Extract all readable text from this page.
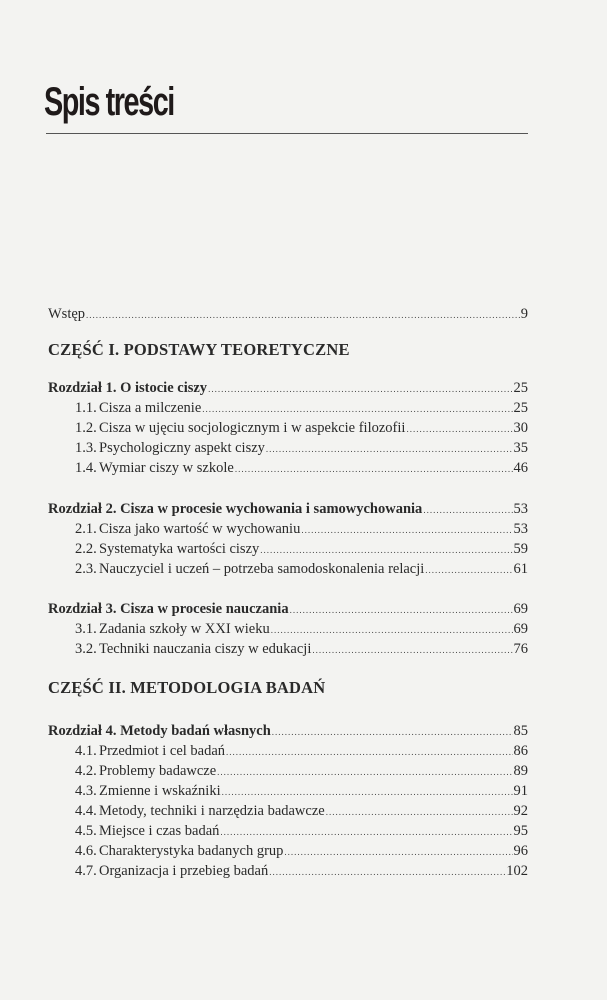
Spis treści
Wstęp .....	9
CZĘŚĆ I. PODSTAWY TEORETYCZNE
Rozdział 1. O istocie ciszy .....	25
1.1. Cisza a milczenie .....	25
1.2. Cisza w ujęciu socjologicznym i w aspekcie filozofii .....	30
1.3. Psychologiczny aspekt ciszy .....	35
1.4. Wymiar ciszy w szkole .....	46
Rozdział 2. Cisza w procesie wychowania i samowychowania .....	53
2.1. Cisza jako wartość w wychowaniu .....	53
2.2. Systematyka wartości ciszy .....	59
2.3. Nauczyciel i uczeń – potrzeba samodoskonalenia relacji .....	61
Rozdział 3. Cisza w procesie nauczania .....	69
3.1. Zadania szkoły w XXI wieku .....	69
3.2. Techniki nauczania ciszy w edukacji .....	76
CZĘŚĆ II. METODOLOGIA BADAŃ
Rozdział 4. Metody badań własnych .....	85
4.1. Przedmiot i cel badań .....	86
4.2. Problemy badawcze .....	89
4.3. Zmienne i wskaźniki .....	91
4.4. Metody, techniki i narzędzia badawcze .....	92
4.5. Miejsce i czas badań .....	95
4.6. Charakterystyka badanych grup .....	96
4.7. Organizacja i przebieg badań .....	102
